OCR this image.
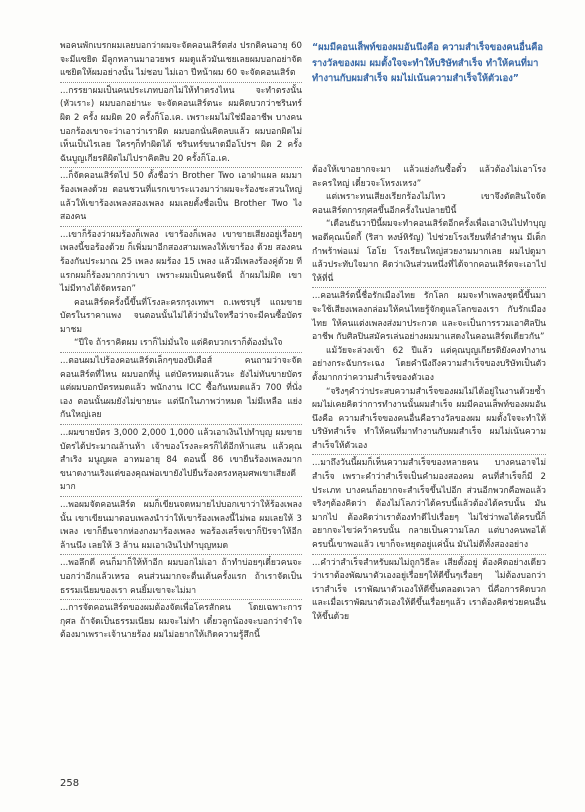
พอคนพักเบรกผมเลยบอกว่าผมจะจัดคอนเสิร์ตส่ง ปรกติคนอายุ 60 จะมีแซยิด มีลูกหลานมาอวยพร ผมดูแล้วมันเชยเลยผมบอกอย่าจัดแซยิดให้ผมอย่างนั้น ไม่ชอบ ไม่เอา ปีหน้าผม 60 จะจัดคอนเสิร์ต

...กรรยาผมเป็นคนประเภทบอกไม่ให้ทำตรงไหน จะทำตรงนั้น (หัวเราะ) ผมบอกอย่านะ จะจัดคอนเสิร์ตนะ ผมคิดบวกว่าชรินทร์ผิด 2 ครั้ง ผมผิด 20 ครั้งก็โอ.เค. เพราะผมไม่ใช่มืออาชีพ บางคนบอกร้องเขาจะว่าเอาว่าเราผิด ผมบอกนั่นคิดลบแล้ว ผมบอกผิดไม่เห็นเป็นไรเลย ใครๆก็ทำผิดได้ ชรินทร์ขนาดมือโปรฯ ผิด 2 ครั้ง ฉันบูญเกียรติผิดไม่ไปราคิดสิบ 20 ครั้งก็โอ.เค.

...ก็จัดคอนเสิร์ตไป 50 ตั้งชื่อว่า Brother Two เอาฝ่าแผล ผมมาร้องเพลงด้วย ตอนชวนที่แรกเขาระแวงมาว่าผมจะร้องชะสวนใหญ่ แล้วให้เขาร้องเพลงสองเพลง ผมเลยตั้งชื่อเป็น Brother Two ไง สองคน

...เขาก็ร้องว่าผมร้องก็เพลง เขาร้องก็เพลง เขาขายเสียงอยู่เรื่อยๆ เพลงนี้ขอร้องด้วย ก็เพิ่มมาอีกสองสามเพลงให้เขาร้อง ด้วย สองคนร้องกันประมาณ 25 เพลง ผมร้อง 15 เพลง แล้วมีเพลงร้องคู่ด้วย ทีแรกผมก็ร้องมากกว่าเขา เพราะผมเป็นคนจัดนี่ ถ้าผมไม่ผิด เขาไม่มีทางได้จัดหรอก”

คอนเสิร์ตครั้งนี้ขึ้นที่โรงละครกรุงเทพฯ ถ.เพชรบุรี แถมขายบัตรในราคาแพง จนตอนนั้นไม่ได้ว่ามั่นใจหรือว่าจะมีคนซื้อบัตรมาชม

“ปีใจ ถ้าราคิดผม เราก็ไม่มั่นใจ แต่คิดบวกเราก็ต้องมั่นใจ

...ตอนผมไปร้องคอนเสิร์ตเล็กๆของปีเตือส์ คนถามว่าจะจัดคอนเสิร์ตที่ไหน ผมบอกที่นู่ แต่บัตรหมดแล้วนะ ยังไม่ทันขายบัตรแต่ผมบอกบัตรหมดแล้ว พนักงาน ICC ซื้อกันหมดแล้ว 700 ที่นั่งเอง ตอนนั้นผมยังไม่ขายนะ แต่นึกในภาพว่าหมด ไม่มีเหลือ แย่งกันใหญ่เลย

...ผมขายบัตร 3,000 2,000 1,000 แล้วเอาเงินไปทำบุญ ผมขายบัตรได้ประมาณล้านห้า เจ้าของโรงละครก็ได้อีกห้าแสน แล้วคุณสำเริง มนูญผล อาหมอายุ 84 ตอนนี้ 86 เขายืนร้องเพลงมาก ขนาดงานเริงแต่ของคุณพ่อเขายังไปยืนร้องตรงหลุมศพเขาเสียงดีมาก

...พอผมจัดคอนเสิร์ต ผมก็เขียนจดหมายไปบอกเขาว่าให้ร้องเพลงนั้น เขาเขียนมาตอบเพลงนำว่าให้เขาร้องเพลงนี้ไม่พอ ผมเลยให้ 3 เพลง เขาก็ยืนจากห่องกงมาร้องเพลง พอร้องเสร็จเขาก็ปิรจาให้อีกล้านนึง เลยให้ 3 ล้าน ผมเอาเงินไปทำบุญหมด

...พอลึกดี คนก็มาก็ให้ท้าอีก ผมบอกไม่เอา ถ้าทำบ่อยๆเดี๋ยวคนจะบอกว่าอีกแล้วเหรอ คนส่วนมากจะตื่นเต้นครั้งแรก ถ้าเราจัดเป็นธรรมเนียมของเรา คนยิ้มเขาจะไม่มา

...การจัดคอนเสิร์ตของผมต้องจัดเพื่อโครสักคน โดยเฉพาะการกุศล ถ้าจัดเป็นธรรมเนียม ผมจะไม่ทำ เดี๋ยวลูกน้องจะบอกว่าจำใจต้องมาเพราะเจ้านายร้อง ผมไม่อยากให้เกิดความรู้สึกนี้

“ผมมีคอนเส็พท์ของผมอันนึงคือ ความสำเร็จของคนอื่นคือรางวัลของผม ผมตั้งใจจะทำให้บริษัทสำเร็จ ทำให้คนที่มาทำงานกับผมสำเร็จ ผมไม่เน้นความสำเร็จให้ตัวเอง”

ต้องให้เขาอยากจะมา แล้วแย่งกันซื้อตั๋ว แล้วต้องไม่เอาโรงละครใหญ่ เดี๋ยวจะโหรงเหรง”

แต่เพราะทนเสียงเรียกร้องไม่ไหว เขาจึงตัดสินใจจัดคอนเสิร์ตการกุศลขึ้นอีกครั้งในปลายปีนี้

“เดือนธันวาปีนี้ผมจะทำคอนเสิร์ตอีกครั้งเพื่อเอาเงินไปทำบุญ พอดีคุณเบ็ตกี้ (ริสา หงษ์หิรัญ) ไปช่วยโรงเรียนที่ลำสำพูน มีเด็กกำพร้าพ่อแม่ โฮโย โรงเรียนใหญ่สวยงามมากเลย ผมไปดูมาแล้วประทับใจมาก คิดว่าเงินส่วนหนึ่งที่ได้จากคอนเสิร์ตจะเอาไปให้ที่นี่

...คอนเสิร์ตนี้ชื่อรักเมืองไทย รักโลก ผมจะทำเพลงชุดนี้ขึ้นมา จะใช้เสียงเพลงกล่อมให้คนไทยรู้จักดูแลโลกของเรา กับรักเมืองไทย ให้คนแต่งเพลงส่งมาประกวด และจะเป็นการรวมเอาศิลปินอาชีพ กับศิลปินสมัครเล่นอย่างผมมาแสดงในคอนเสิร์ตเดียวกัน”

แม้วัยจะล่วงเข้า 62 ปีแล้ว แต่คุณบุญเกียรติยังคงทำงานอย่างกระฉับกระเฉง โดยคำนึงถึงความสำเร็จของบริษัทเป็นตัวตั้งมากกว่าความสำเร็จของตัวเอง

“จริงๆคำว่าประสบความสำเร็จของผมไม่ได้อยู่ในงานด้วยซ้ำ ผมไม่เคยคิดว่าการทำงานนั้นผมสำเร็จ ผมมีคอนเส็พท์ของผมอันนึงคือ ความสำเร็จของคนอื่นคือรางวัลของผม ผมตั้งใจจะทำให้บริษัทสำเร็จ ทำให้คนที่มาทำงานกับผมสำเร็จ ผมไม่เน้นความสำเร็จให้ตัวเอง

...มาถึงวันนี้ผมก็เห็นความสำเร็จของหลายคน บางคนอาจไม่สำเร็จ เพราะคำว่าสำเร็จเป็นคำมองสองคม คนที่สำเร็จก็มี 2 ประเภท บางคนก็อยากจะสำเร็จขึ้นไปอีก ส่วนอีกพวกคือพอแล้ว จริงๆต้องคิดว่า ต้องไม่โลภว่าได้ครบนี้แล้วต้องได้ครบนั้น มันมากไป ต้องคิดว่าเราต้องทำดีไปเรื่อยๆ ไม่ใช่ว่าพอได้ครบนี้ก็อยากจะไขว่คว้าครบนั้น กลายเป็นความโลภ แต่บางคนพอได้ครบนี้เขาพอแล้ว เขาก็จะหยุดอยู่แค่นั้น มันไม่ดีทั้งสองอย่าง

...คำว่าสำเร็จสำหรับผมไม่ถูกวิธีละ เสียตั้งอยู่ ต้องคิดอย่างเดียวว่าเราต้องพัฒนาตัวเองอยู่เรื่อยๆให้ดีขึ้นๆเรื่อยๆ ไม่ต้องบอกว่าเราสำเร็จ เราพัฒนาตัวเองให้ดีขึ้นตลอดเวลา นี่คือการคิดบวก และเมื่อเราพัฒนาตัวเองให้ดีขึ้นเรื่อยๆแล้ว เราต้องคิดช่วยคนอื่นให้ขึ้นด้วย

258
